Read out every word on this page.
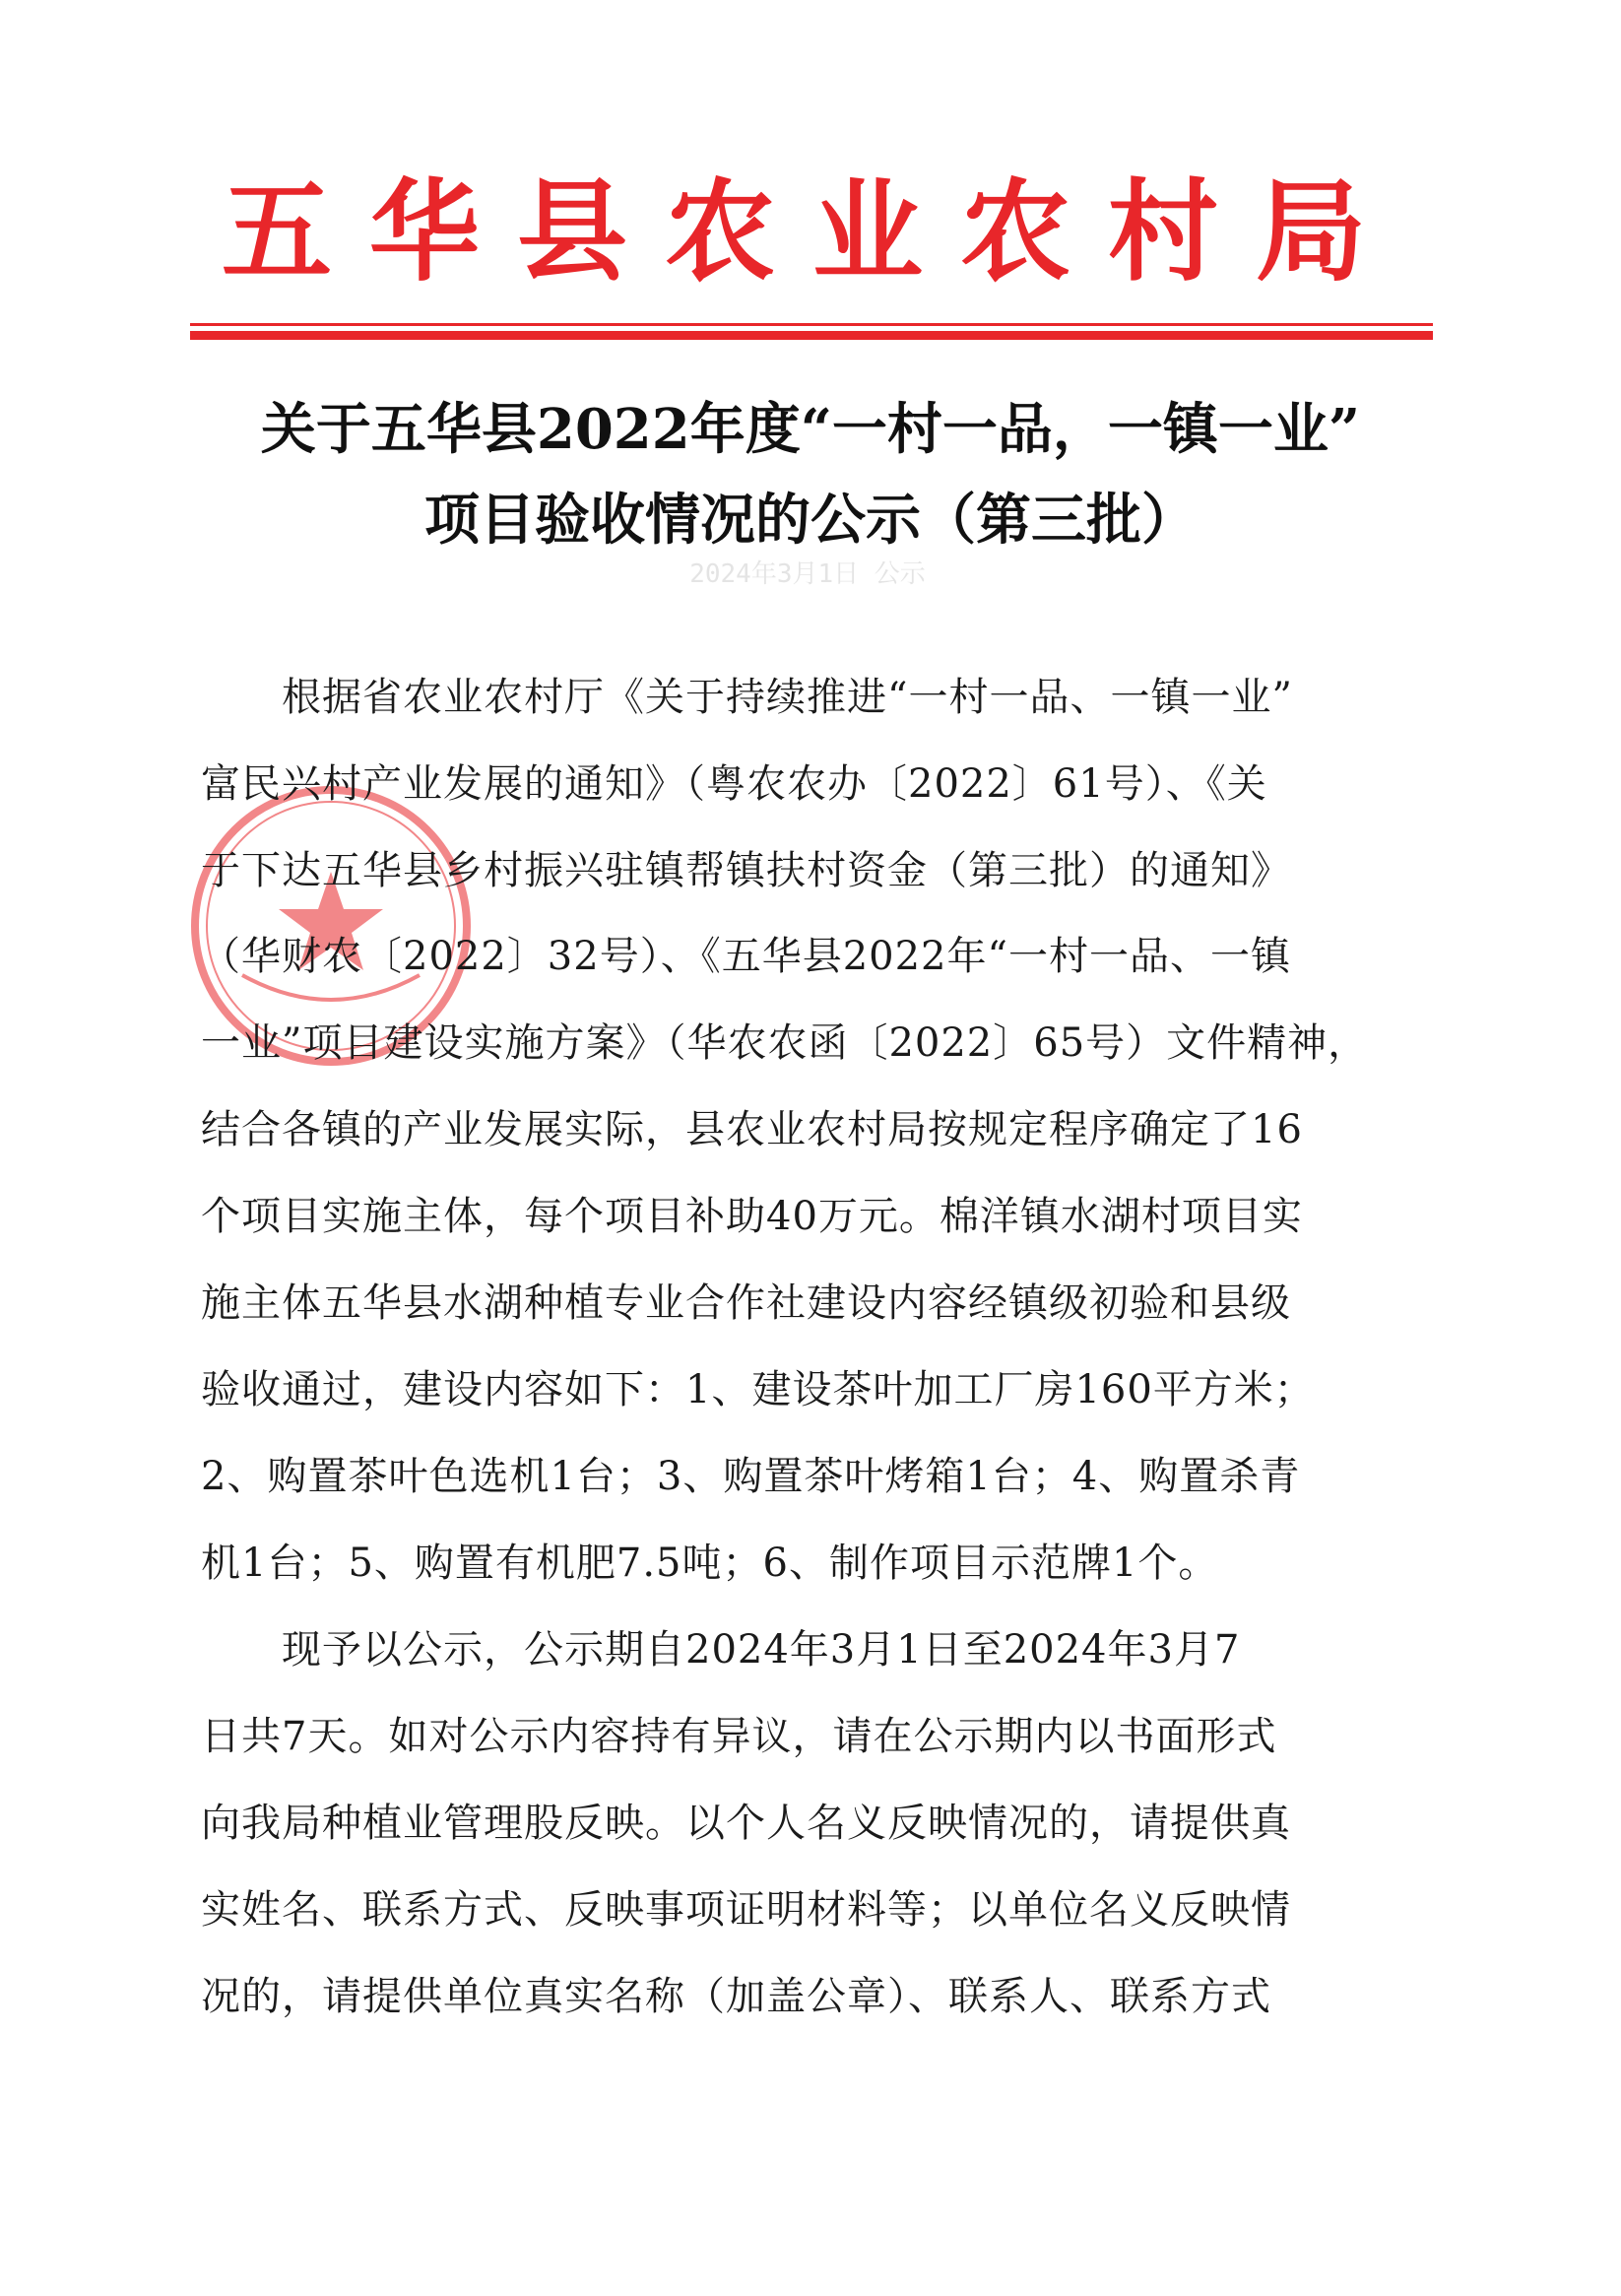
五华县农业农村局
关于五华县2022年度“一村一品，一镇一业”
项目验收情况的公示（第三批）
2024年3月1日 公示
根据省农业农村厅《关于持续推进“一村一品、一镇一业”
富民兴村产业发展的通知》（粤农农办〔2022〕61号）、《关
于下达五华县乡村振兴驻镇帮镇扶村资金（第三批）的通知》
（华财农〔2022〕32号）、《五华县2022年“一村一品、一镇
一业”项目建设实施方案》（华农农函〔2022〕65号）文件精神，
结合各镇的产业发展实际，县农业农村局按规定程序确定了16
个项目实施主体，每个项目补助40万元。棉洋镇水湖村项目实
施主体五华县水湖种植专业合作社建设内容经镇级初验和县级
验收通过，建设内容如下：1、建设茶叶加工厂房160平方米；
2、购置茶叶色选机1台；3、购置茶叶烤箱1台；4、购置杀青
机1台；5、购置有机肥7.5吨；6、制作项目示范牌1个。
现予以公示，公示期自2024年3月1日至2024年3月7
日共7天。如对公示内容持有异议，请在公示期内以书面形式
向我局种植业管理股反映。以个人名义反映情况的，请提供真
实姓名、联系方式、反映事项证明材料等；以单位名义反映情
况的，请提供单位真实名称（加盖公章）、联系人、联系方式
